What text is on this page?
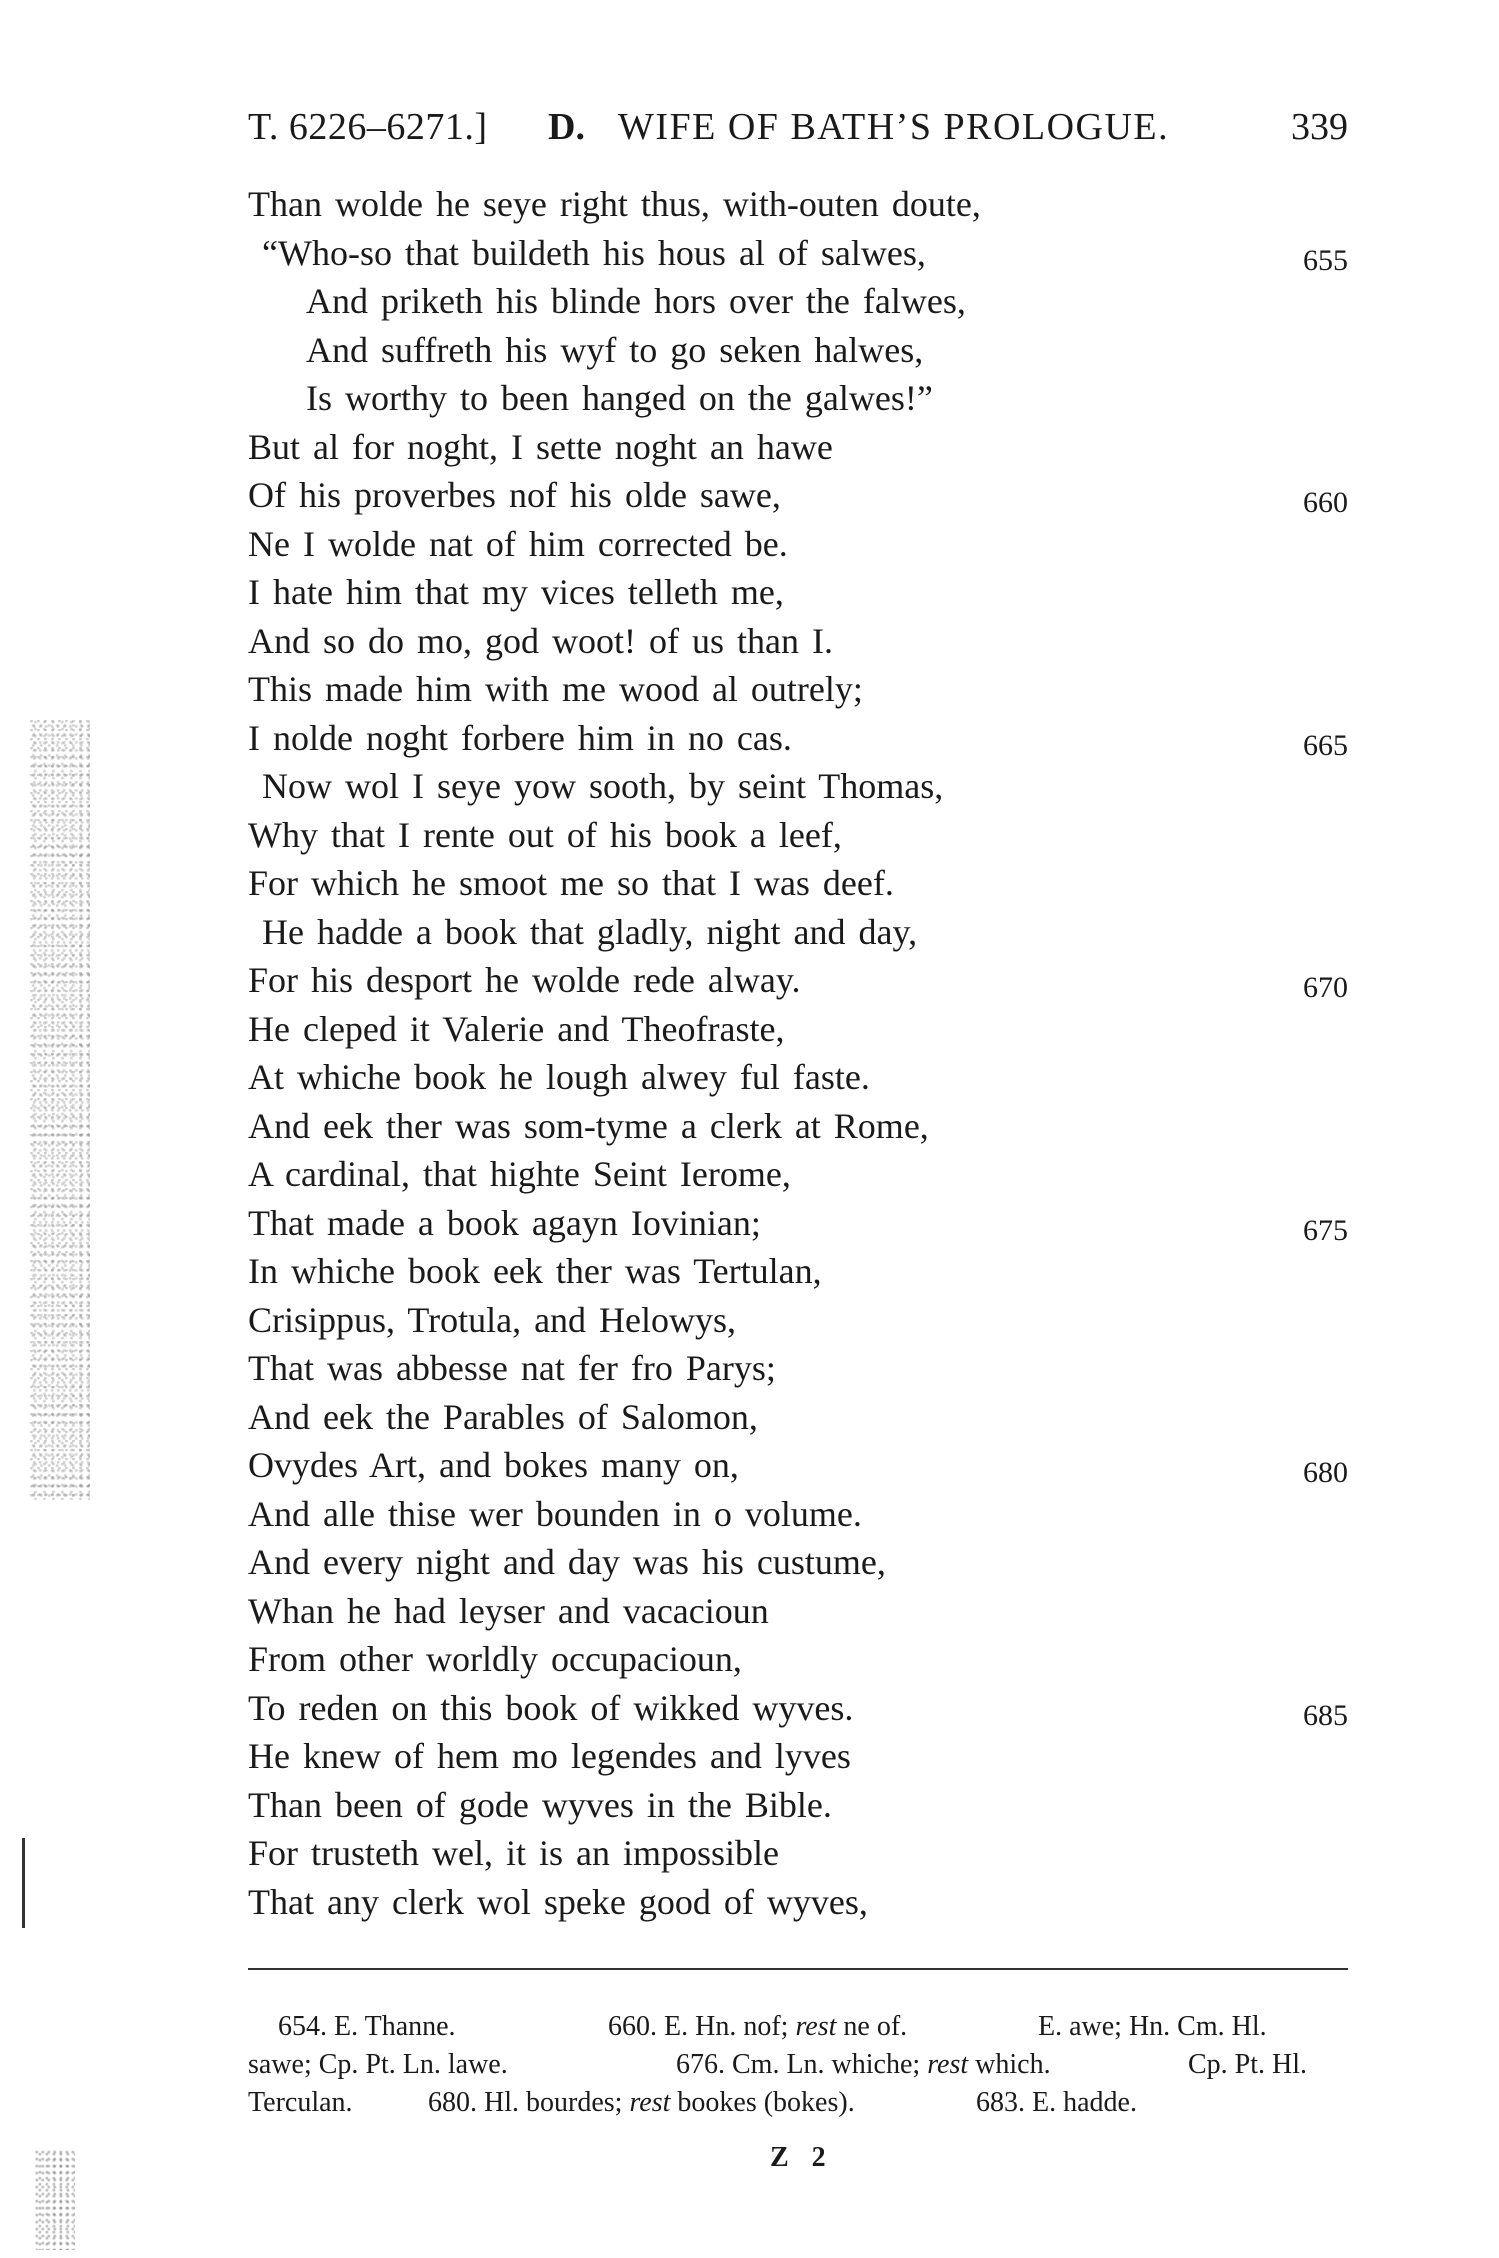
T. 6226–6271.] D. WIFE OF BATH’S PROLOGUE.	339
Than wolde he seye right thus, with-outen doute,
“Who-so that buildeth his hous al of salwes,	655
And priketh his blinde hors over the falwes,
And suffreth his wyf to go seken halwes,
Is worthy to been hanged on the galwes!”
But al for noght, I sette noght an hawe
Of his proverbes nof his olde sawe,	660
Ne I wolde nat of him corrected be.
I hate him that my vices telleth me,
And so do mo, god woot! of us than I.
This made him with me wood al outrely;
I nolde noght forbere him in no cas.	665
Now wol I seye yow sooth, by seint Thomas,
Why that I rente out of his book a leef,
For which he smoot me so that I was deef.
He hadde a book that gladly, night and day,
For his desport he wolde rede alway.	670
He cleped it Valerie and Theofraste,
At whiche book he lough alwey ful faste.
And eek ther was som-tyme a clerk at Rome,
A cardinal, that highte Seint Ierome,
That made a book agayn Iovinian;	675
In whiche book eek ther was Tertulan,
Crisippus, Trotula, and Helowys,
That was abbesse nat fer fro Parys;
And eek the Parables of Salomon,
Ovydes Art, and bokes many on,	680
And alle thise wer bounden in o volume.
And every night and day was his custume,
Whan he had leyser and vacacioun
From other worldly occupacioun,
To reden on this book of wikked wyves.	685
He knew of hem mo legendes and lyves
Than been of gode wyves in the Bible.
For trusteth wel, it is an impossible
That any clerk wol speke good of wyves,
654. E. Thanne.	660. E. Hn. nof; rest ne of.	E. awe; Hn. Cm. Hl.
sawe; Cp. Pt. Ln. lawe.	676. Cm. Ln. whiche; rest which.	Cp. Pt. Hl.
Terculan.	680. Hl. bourdes; rest bookes (bokes).	683. E. hadde.
Z 2
